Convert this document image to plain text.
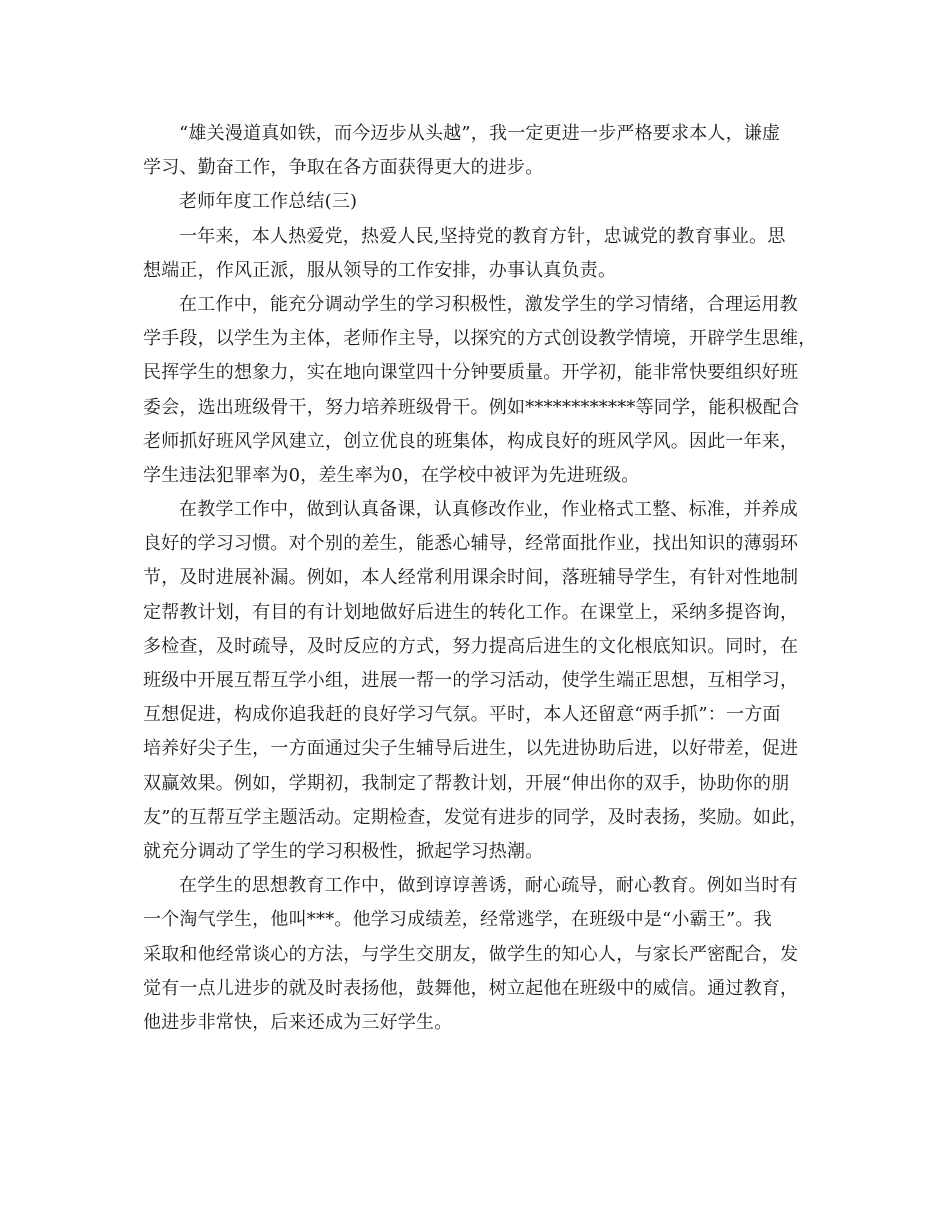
“雄关漫道真如铁，而今迈步从头越”，我一定更进一步严格要求本人，谦虚
学习、勤奋工作，争取在各方面获得更大的进步。
老师年度工作总结(三)
一年来，本人热爱党，热爱人民,坚持党的教育方针，忠诚党的教育事业。思
想端正，作风正派，服从领导的工作安排，办事认真负责。
在工作中，能充分调动学生的学习积极性，激发学生的学习情绪，合理运用教
学手段，以学生为主体，老师作主导，以探究的方式创设教学情境，开辟学生思维，
民挥学生的想象力，实在地向课堂四十分钟要质量。开学初，能非常快要组织好班
委会，选出班级骨干，努力培养班级骨干。例如************等同学，能积极配合
老师抓好班风学风建立，创立优良的班集体，构成良好的班风学风。因此一年来，
学生违法犯罪率为0，差生率为0，在学校中被评为先进班级。
在教学工作中，做到认真备课，认真修改作业，作业格式工整、标准，并养成
良好的学习习惯。对个别的差生，能悉心辅导，经常面批作业，找出知识的薄弱环
节，及时进展补漏。例如，本人经常利用课余时间，落班辅导学生，有针对性地制
定帮教计划，有目的有计划地做好后进生的转化工作。在课堂上，采纳多提咨询，
多检查，及时疏导，及时反应的方式，努力提高后进生的文化根底知识。同时，在
班级中开展互帮互学小组，进展一帮一的学习活动，使学生端正思想，互相学习，
互想促进，构成你追我赶的良好学习气氛。平时，本人还留意“两手抓”：一方面
培养好尖子生，一方面通过尖子生辅导后进生，以先进协助后进，以好带差，促进
双赢效果。例如，学期初，我制定了帮教计划，开展“伸出你的双手，协助你的朋
友”的互帮互学主题活动。定期检查，发觉有进步的同学，及时表扬，奖励。如此，
就充分调动了学生的学习积极性，掀起学习热潮。
在学生的思想教育工作中，做到谆谆善诱，耐心疏导，耐心教育。例如当时有
一个淘气学生，他叫***。他学习成绩差，经常逃学，在班级中是“小霸王”。我
采取和他经常谈心的方法，与学生交朋友，做学生的知心人，与家长严密配合，发
觉有一点儿进步的就及时表扬他，鼓舞他，树立起他在班级中的威信。通过教育，
他进步非常快，后来还成为三好学生。
